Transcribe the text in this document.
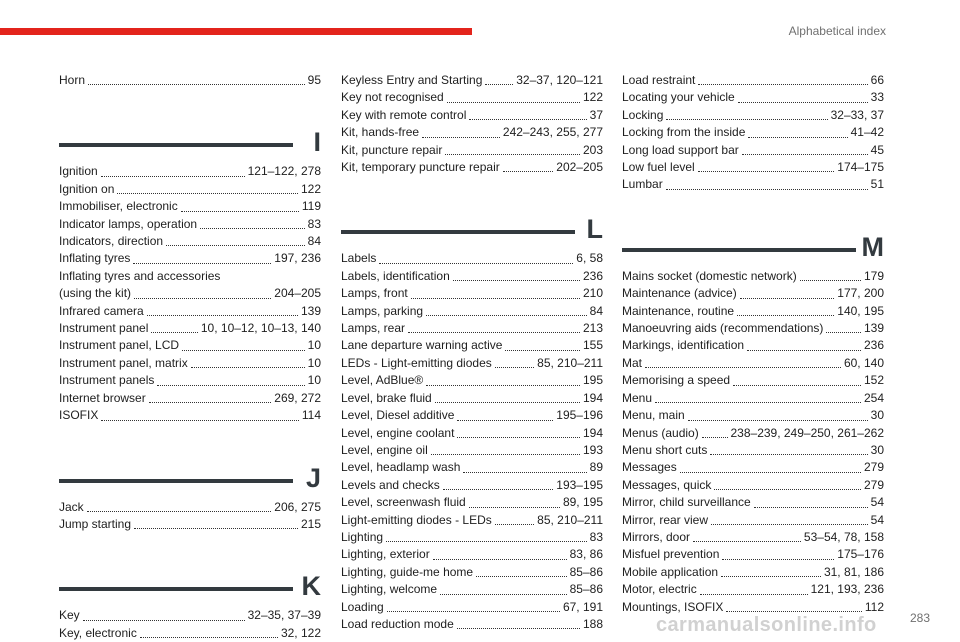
Alphabetical index
Horn	95
I
Ignition	121–122, 278
Ignition on	122
Immobiliser, electronic	119
Indicator lamps, operation	83
Indicators, direction	84
Inflating tyres	197, 236
Inflating tyres and accessories
(using the kit)	204–205
Infrared camera	139
Instrument panel	10, 10–12, 10–13, 140
Instrument panel, LCD	10
Instrument panel, matrix	10
Instrument panels	10
Internet browser	269, 272
ISOFIX	114
J
Jack	206, 275
Jump starting	215
K
Key	32–35, 37–39
Key, electronic	32, 122
Keyless Entry and Starting	32–37, 120–121
Key not recognised	122
Key with remote control	37
Kit, hands-free	242–243, 255, 277
Kit, puncture repair	203
Kit, temporary puncture repair	202–205
L
Labels	6, 58
Labels, identification	236
Lamps, front	210
Lamps, parking	84
Lamps, rear	213
Lane departure warning active	155
LEDs - Light-emitting diodes	85, 210–211
Level, AdBlue®	195
Level, brake fluid	194
Level, Diesel additive	195–196
Level, engine coolant	194
Level, engine oil	193
Level, headlamp wash	89
Levels and checks	193–195
Level, screenwash fluid	89, 195
Light-emitting diodes - LEDs	85, 210–211
Lighting	83
Lighting, exterior	83, 86
Lighting, guide-me home	85–86
Lighting, welcome	85–86
Loading	67, 191
Load reduction mode	188
Load restraint	66
Locating your vehicle	33
Locking	32–33, 37
Locking from the inside	41–42
Long load support bar	45
Low fuel level	174–175
Lumbar	51
M
Mains socket (domestic network)	179
Maintenance (advice)	177, 200
Maintenance, routine	140, 195
Manoeuvring aids (recommendations)	139
Markings, identification	236
Mat	60, 140
Memorising a speed	152
Menu	254
Menu, main	30
Menus (audio)	238–239, 249–250, 261–262
Menu short cuts	30
Messages	279
Messages, quick	279
Mirror, child surveillance	54
Mirror, rear view	54
Mirrors, door	53–54, 78, 158
Misfuel prevention	175–176
Mobile application	31, 81, 186
Motor, electric	121, 193, 236
Mountings, ISOFIX	112
283
carmanualsonline.info
